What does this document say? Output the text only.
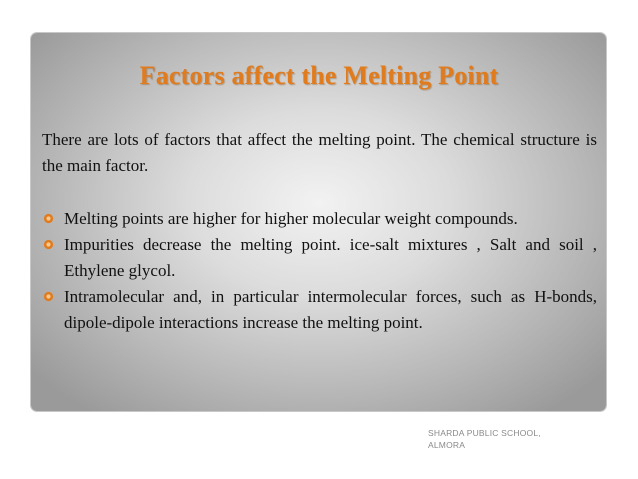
Factors affect the Melting Point

There are lots of factors that affect the melting point. The chemical structure is the main factor.

Melting points are higher for higher molecular weight compounds.
Impurities decrease the melting point. ice-salt mixtures , Salt and soil , Ethylene glycol.
Intramolecular and, in particular intermolecular forces, such as H-bonds, dipole-dipole interactions increase the melting point.
SHARDA PUBLIC SCHOOL,
ALMORA
